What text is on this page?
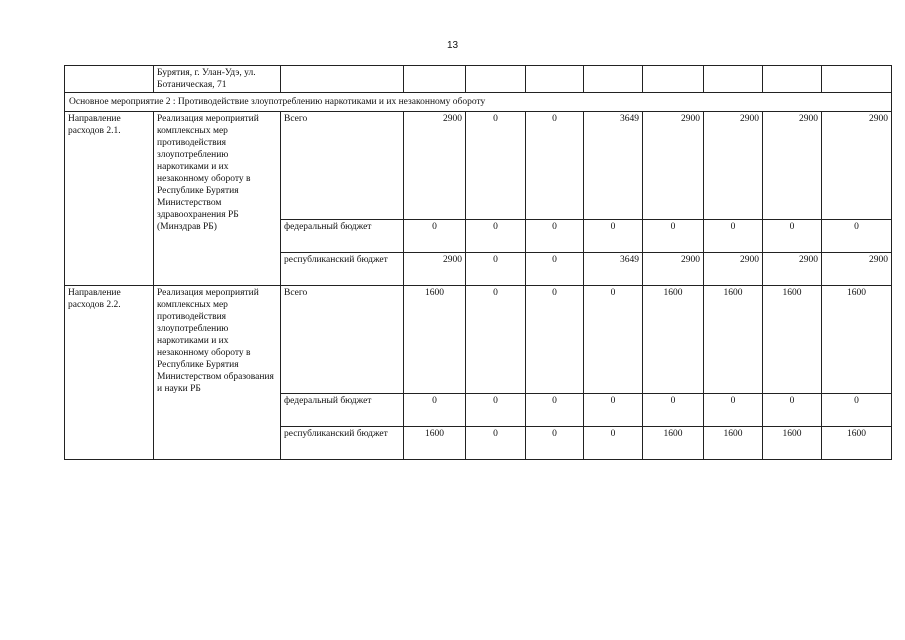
13
	Бурятия, г. Улан-Удэ, ул. Ботаническая, 71									
Основное мероприятие 2 : Противодействие злоупотреблению наркотиками и их незаконному обороту										
Направление расходов 2.1.	Реализация мероприятий комплексных мер противодействия злоупотреблению наркотиками и их незаконному обороту в Республике Бурятия Министерством здравоохранения РБ (Минздрав РБ)	Всего	2900	0	0	3649	2900	2900	2900	2900
		федеральный бюджет	0	0	0	0	0	0	0	0
		республиканский бюджет	2900	0	0	3649	2900	2900	2900	2900
Направление расходов 2.2.	Реализация мероприятий комплексных мер противодействия злоупотреблению наркотиками и их незаконному обороту в Республике Бурятия Министерством образования и науки РБ	Всего	1600	0	0	0	1600	1600	1600	1600
		федеральный бюджет	0	0	0	0	0	0	0	0
		республиканский бюджет	1600	0	0	0	1600	1600	1600	1600
